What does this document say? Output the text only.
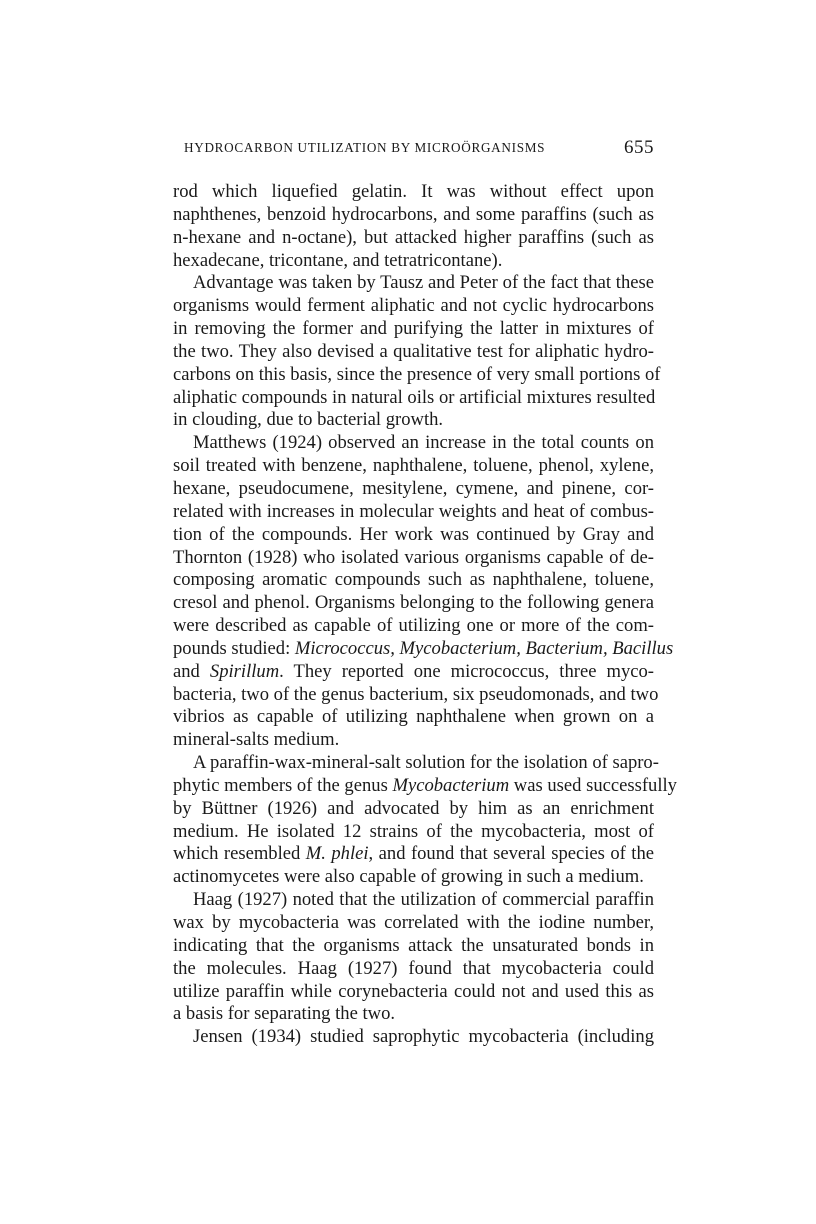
HYDROCARBON UTILIZATION BY MICROÖRGANISMS	655
rod which liquefied gelatin. It was without effect upon
naphthenes, benzoid hydrocarbons, and some paraffins (such as
n-hexane and n-octane), but attacked higher paraffins (such as
hexadecane, tricontane, and tetratricontane).
Advantage was taken by Tausz and Peter of the fact that these
organisms would ferment aliphatic and not cyclic hydrocarbons
in removing the former and purifying the latter in mixtures of
the two. They also devised a qualitative test for aliphatic hydro-
carbons on this basis, since the presence of very small portions of
aliphatic compounds in natural oils or artificial mixtures resulted
in clouding, due to bacterial growth.
Matthews (1924) observed an increase in the total counts on
soil treated with benzene, naphthalene, toluene, phenol, xylene,
hexane, pseudocumene, mesitylene, cymene, and pinene, cor-
related with increases in molecular weights and heat of combus-
tion of the compounds. Her work was continued by Gray and
Thornton (1928) who isolated various organisms capable of de-
composing aromatic compounds such as naphthalene, toluene,
cresol and phenol. Organisms belonging to the following genera
were described as capable of utilizing one or more of the com-
pounds studied: Micrococcus, Mycobacterium, Bacterium, Bacillus
and Spirillum. They reported one micrococcus, three myco-
bacteria, two of the genus bacterium, six pseudomonads, and two
vibrios as capable of utilizing naphthalene when grown on a
mineral-salts medium.
A paraffin-wax-mineral-salt solution for the isolation of sapro-
phytic members of the genus Mycobacterium was used successfully
by Büttner (1926) and advocated by him as an enrichment
medium. He isolated 12 strains of the mycobacteria, most of
which resembled M. phlei, and found that several species of the
actinomycetes were also capable of growing in such a medium.
Haag (1927) noted that the utilization of commercial paraffin
wax by mycobacteria was correlated with the iodine number,
indicating that the organisms attack the unsaturated bonds in
the molecules. Haag (1927) found that mycobacteria could
utilize paraffin while corynebacteria could not and used this as
a basis for separating the two.
Jensen (1934) studied saprophytic mycobacteria (including
